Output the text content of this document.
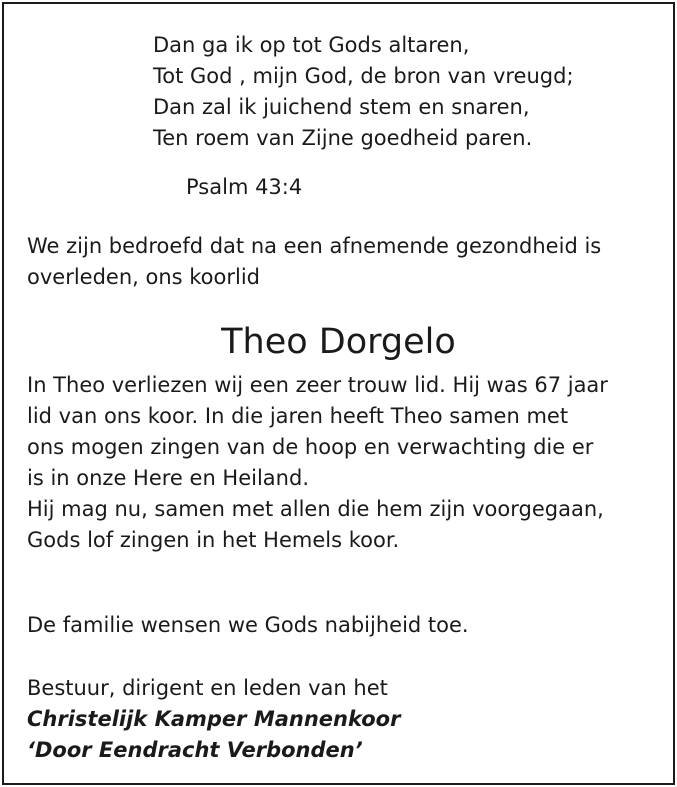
Dan ga ik op tot Gods altaren,
Tot God , mijn God, de bron van vreugd;
Dan zal ik juichend stem en snaren,
Ten roem van Zijne goedheid paren.
Psalm 43:4
We zijn bedroefd dat na een afnemende gezondheid is overleden, ons koorlid
Theo Dorgelo
In Theo verliezen wij een zeer trouw lid. Hij was 67 jaar
lid van ons koor. In die jaren heeft Theo samen met
ons mogen zingen van de hoop en verwachting die er
is in onze Here en Heiland.
Hij mag nu, samen met allen die hem zijn voorgegaan,
Gods lof zingen in het Hemels koor.
De familie wensen we Gods nabijheid toe.
Bestuur, dirigent en leden van het
Christelijk Kamper Mannenkoor
‘Door Eendracht Verbonden’
